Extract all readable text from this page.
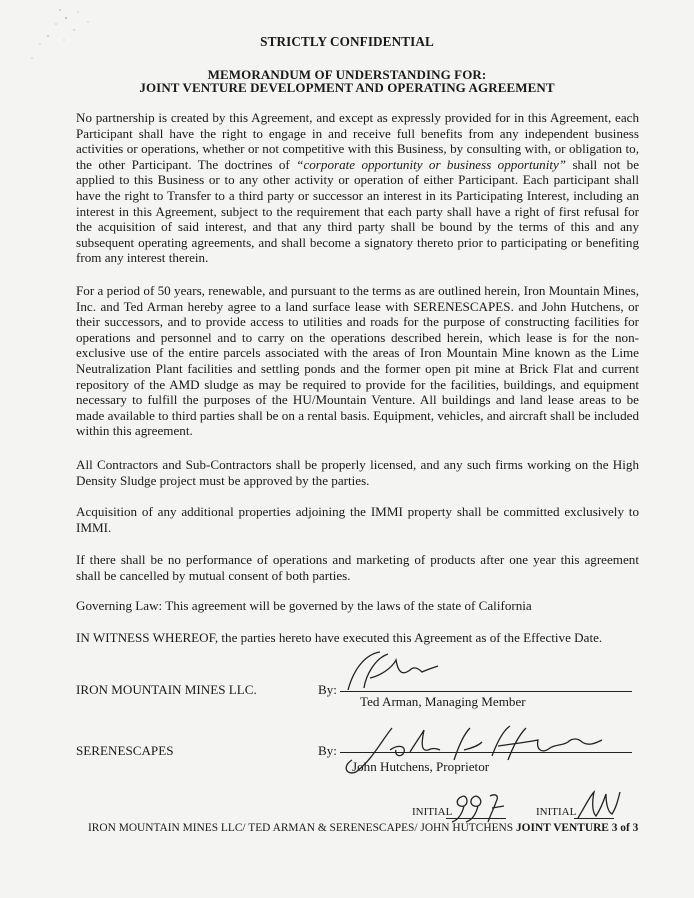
STRICTLY CONFIDENTIAL
MEMORANDUM OF UNDERSTANDING FOR:
JOINT VENTURE DEVELOPMENT AND OPERATING AGREEMENT
No partnership is created by this Agreement, and except as expressly provided for in this Agreement, each Participant shall have the right to engage in and receive full benefits from any independent business activities or operations, whether or not competitive with this Business, by consulting with, or obligation to, the other Participant. The doctrines of “corporate opportunity or business opportunity” shall not be applied to this Business or to any other activity or operation of either Participant. Each participant shall have the right to Transfer to a third party or successor an interest in its Participating Interest, including an interest in this Agreement, subject to the requirement that each party shall have a right of first refusal for the acquisition of said interest, and that any third party shall be bound by the terms of this and any subsequent operating agreements, and shall become a signatory thereto prior to participating or benefiting from any interest therein.
For a period of 50 years, renewable, and pursuant to the terms as are outlined herein, Iron Mountain Mines, Inc. and Ted Arman hereby agree to a land surface lease with SERENESCAPES. and John Hutchens, or their successors, and to provide access to utilities and roads for the purpose of constructing facilities for operations and personnel and to carry on the operations described herein, which lease is for the non-exclusive use of the entire parcels associated with the areas of Iron Mountain Mine known as the Lime Neutralization Plant facilities and settling ponds and the former open pit mine at Brick Flat and current repository of the AMD sludge as may be required to provide for the facilities, buildings, and equipment necessary to fulfill the purposes of the HU/Mountain Venture. All buildings and land lease areas to be made available to third parties shall be on a rental basis. Equipment, vehicles, and aircraft shall be included within this agreement.
All Contractors and Sub-Contractors shall be properly licensed, and any such firms working on the High Density Sludge project must be approved by the parties.
Acquisition of any additional properties adjoining the IMMI property shall be committed exclusively to IMMI.
If there shall be no performance of operations and marketing of products after one year this agreement shall be cancelled by mutual consent of both parties.
Governing Law: This agreement will be governed by the laws of the state of California
IN WITNESS WHEREOF, the parties hereto have executed this Agreement as of the Effective Date.
IRON MOUNTAIN MINES LLC.	By:
Ted Arman, Managing Member
SERENESCAPES	By:
John Hutchens, Proprietor
INITIAL	INITIAL
IRON MOUNTAIN MINES LLC/ TED ARMAN & SERENESCAPES/ JOHN HUTCHENS JOINT VENTURE 3 of 3
